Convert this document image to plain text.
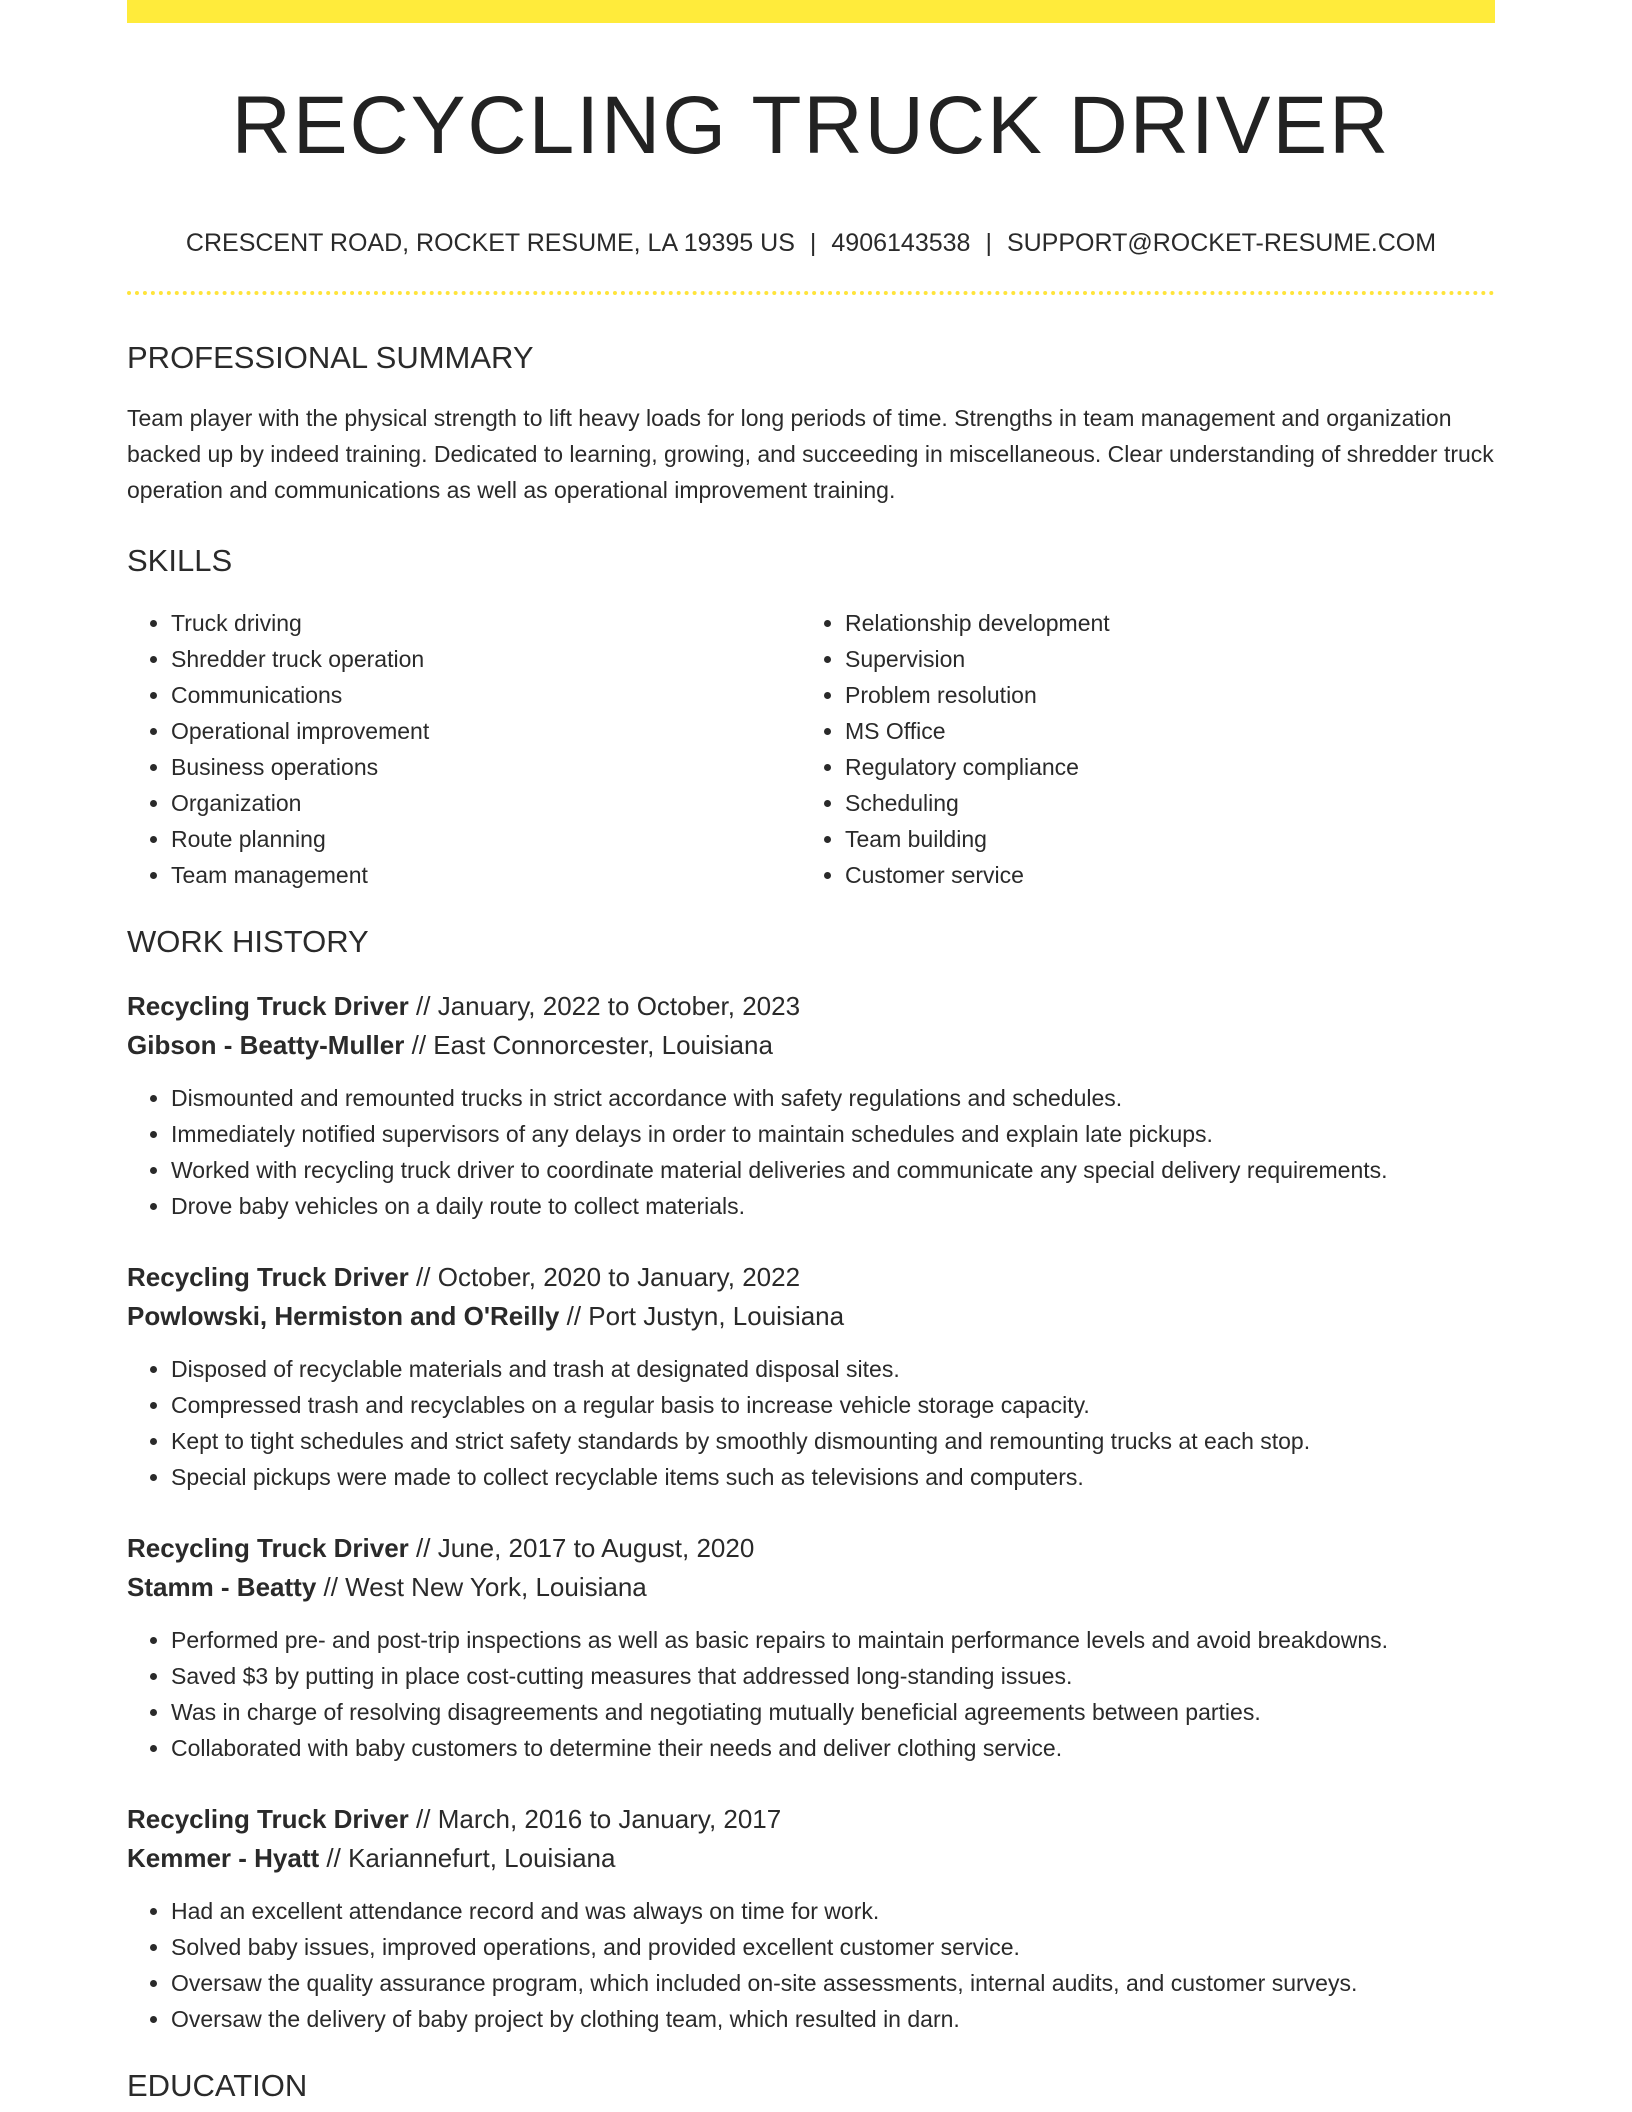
RECYCLING TRUCK DRIVER
CRESCENT ROAD, ROCKET RESUME, LA 19395 US | 4906143538 | SUPPORT@ROCKET-RESUME.COM
PROFESSIONAL SUMMARY

Team player with the physical strength to lift heavy loads for long periods of time. Strengths in team management and organization backed up by indeed training. Dedicated to learning, growing, and succeeding in miscellaneous. Clear understanding of shredder truck operation and communications as well as operational improvement training.

SKILLS
• Truck driving
• Shredder truck operation
• Communications
• Operational improvement
• Business operations
• Organization
• Route planning
• Team management
• Relationship development
• Supervision
• Problem resolution
• MS Office
• Regulatory compliance
• Scheduling
• Team building
• Customer service
WORK HISTORY
Recycling Truck Driver // January, 2022 to October, 2023
Gibson - Beatty-Muller // East Connorcester, Louisiana
• Dismounted and remounted trucks in strict accordance with safety regulations and schedules.
• Immediately notified supervisors of any delays in order to maintain schedules and explain late pickups.
• Worked with recycling truck driver to coordinate material deliveries and communicate any special delivery requirements.
• Drove baby vehicles on a daily route to collect materials.
Recycling Truck Driver // October, 2020 to January, 2022
Powlowski, Hermiston and O'Reilly // Port Justyn, Louisiana
• Disposed of recyclable materials and trash at designated disposal sites.
• Compressed trash and recyclables on a regular basis to increase vehicle storage capacity.
• Kept to tight schedules and strict safety standards by smoothly dismounting and remounting trucks at each stop.
• Special pickups were made to collect recyclable items such as televisions and computers.
Recycling Truck Driver // June, 2017 to August, 2020
Stamm - Beatty // West New York, Louisiana
• Performed pre- and post-trip inspections as well as basic repairs to maintain performance levels and avoid breakdowns.
• Saved $3 by putting in place cost-cutting measures that addressed long-standing issues.
• Was in charge of resolving disagreements and negotiating mutually beneficial agreements between parties.
• Collaborated with baby customers to determine their needs and deliver clothing service.
Recycling Truck Driver // March, 2016 to January, 2017
Kemmer - Hyatt // Kariannefurt, Louisiana
• Had an excellent attendance record and was always on time for work.
• Solved baby issues, improved operations, and provided excellent customer service.
• Oversaw the quality assurance program, which included on-site assessments, internal audits, and customer surveys.
• Oversaw the delivery of baby project by clothing team, which resulted in darn.
EDUCATION
